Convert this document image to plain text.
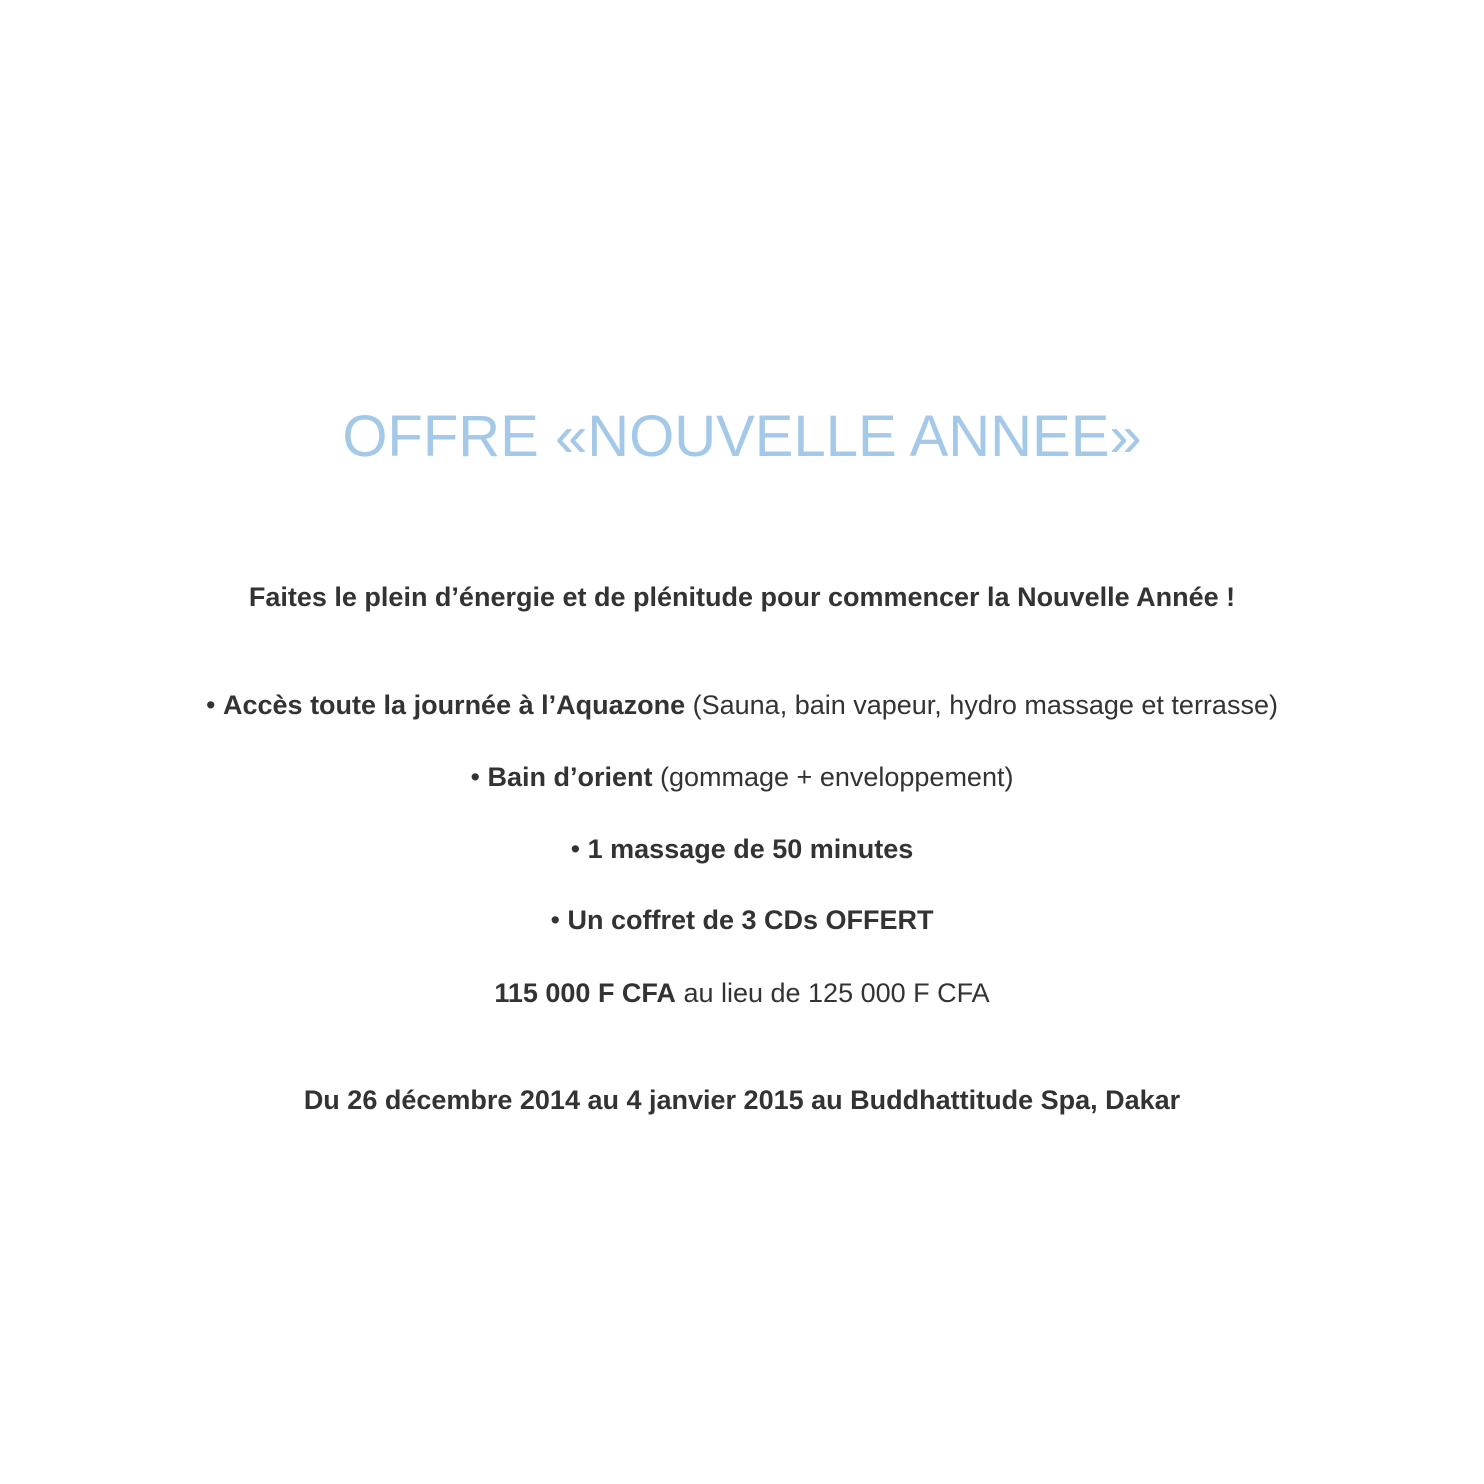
OFFRE «NOUVELLE ANNEE»
Faites le plein d’énergie et de plénitude pour commencer la Nouvelle Année !
• Accès toute la journée à l’Aquazone (Sauna, bain vapeur, hydro massage et terrasse)
• Bain d’orient (gommage + enveloppement)
• 1 massage de 50 minutes
• Un coffret de 3 CDs OFFERT
115 000 F CFA au lieu de 125 000 F CFA
Du 26 décembre 2014 au 4 janvier 2015 au Buddhattitude Spa, Dakar
